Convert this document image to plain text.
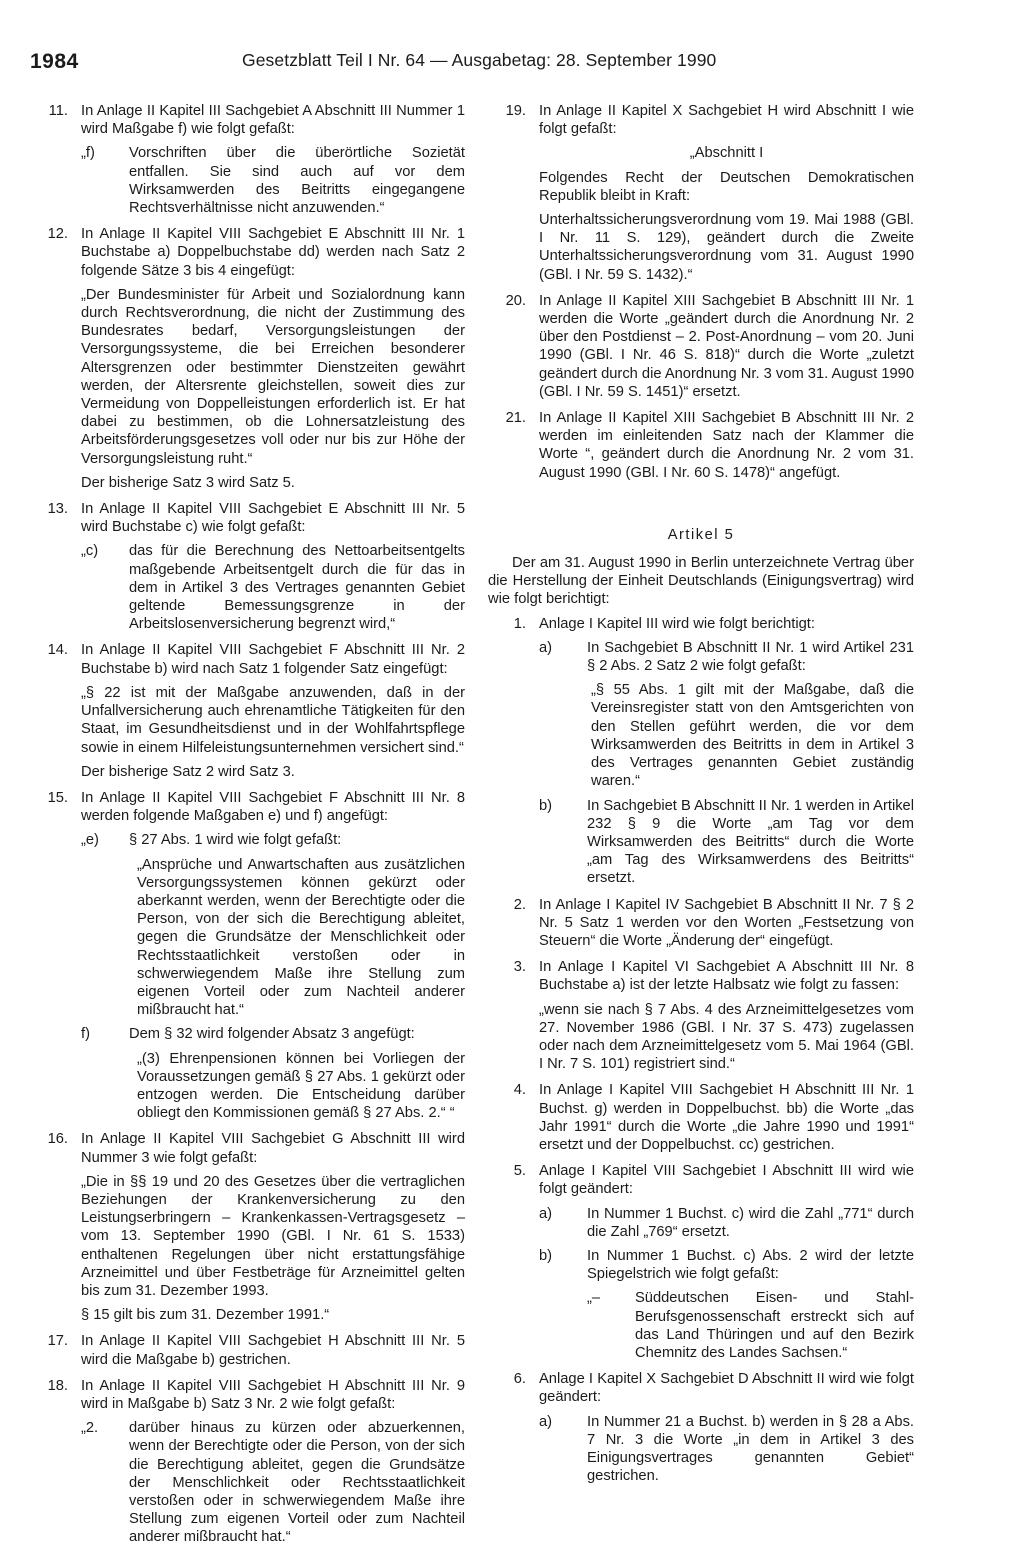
1984	Gesetzblatt Teil I Nr. 64 — Ausgabetag: 28. September 1990
11. In Anlage II Kapitel III Sachgebiet A Abschnitt III Nummer 1 wird Maßgabe f) wie folgt gefaßt:

„f)	Vorschriften über die überörtliche Sozietät entfallen. Sie sind auch auf vor dem Wirksamwerden des Beitritts eingegangene Rechtsverhältnisse nicht anzuwenden.“

12. In Anlage II Kapitel VIII Sachgebiet E Abschnitt III Nr. 1 Buchstabe a) Doppelbuchstabe dd) werden nach Satz 2 folgende Sätze 3 bis 4 eingefügt:

„Der Bundesminister für Arbeit und Sozialordnung kann durch Rechtsverordnung, die nicht der Zustimmung des Bundesrates bedarf, Versorgungsleistungen der Versorgungssysteme, die bei Erreichen besonderer Altersgrenzen oder bestimmter Dienstzeiten gewährt werden, der Altersrente gleichstellen, soweit dies zur Vermeidung von Doppelleistungen erforderlich ist. Er hat dabei zu bestimmen, ob die Lohnersatzleistung des Arbeitsförderungsgesetzes voll oder nur bis zur Höhe der Versorgungsleistung ruht.“

Der bisherige Satz 3 wird Satz 5.

13. In Anlage II Kapitel VIII Sachgebiet E Abschnitt III Nr. 5 wird Buchstabe c) wie folgt gefaßt:

„c)	das für die Berechnung des Nettoarbeitsentgelts maßgebende Arbeitsentgelt durch die für das in dem in Artikel 3 des Vertrages genannten Gebiet geltende Bemessungsgrenze in der Arbeitslosenversicherung begrenzt wird,“

14. In Anlage II Kapitel VIII Sachgebiet F Abschnitt III Nr. 2 Buchstabe b) wird nach Satz 1 folgender Satz eingefügt:

„§ 22 ist mit der Maßgabe anzuwenden, daß in der Unfallversicherung auch ehrenamtliche Tätigkeiten für den Staat, im Gesundheitsdienst und in der Wohlfahrtspflege sowie in einem Hilfeleistungsunternehmen versichert sind.“

Der bisherige Satz 2 wird Satz 3.

15. In Anlage II Kapitel VIII Sachgebiet F Abschnitt III Nr. 8 werden folgende Maßgaben e) und f) angefügt:

„e)	§ 27 Abs. 1 wird wie folgt gefaßt:

„Ansprüche und Anwartschaften aus zusätzlichen Versorgungssystemen können gekürzt oder aberkannt werden, wenn der Berechtigte oder die Person, von der sich die Berechtigung ableitet, gegen die Grundsätze der Menschlichkeit oder Rechtsstaatlichkeit verstoßen oder in schwerwiegendem Maße ihre Stellung zum eigenen Vorteil oder zum Nachteil anderer mißbraucht hat.“

f)	Dem § 32 wird folgender Absatz 3 angefügt:

„(3) Ehrenpensionen können bei Vorliegen der Voraussetzungen gemäß § 27 Abs. 1 gekürzt oder entzogen werden. Die Entscheidung darüber obliegt den Kommissionen gemäß § 27 Abs. 2.“ “

16. In Anlage II Kapitel VIII Sachgebiet G Abschnitt III wird Nummer 3 wie folgt gefaßt:

„Die in §§ 19 und 20 des Gesetzes über die vertraglichen Beziehungen der Krankenversicherung zu den Leistungserbringern – Krankenkassen-Vertragsgesetz – vom 13. September 1990 (GBl. I Nr. 61 S. 1533) enthaltenen Regelungen über nicht erstattungsfähige Arzneimittel und über Festbeträge für Arzneimittel gelten bis zum 31. Dezember 1993.

§ 15 gilt bis zum 31. Dezember 1991.“

17. In Anlage II Kapitel VIII Sachgebiet H Abschnitt III Nr. 5 wird die Maßgabe b) gestrichen.

18. In Anlage II Kapitel VIII Sachgebiet H Abschnitt III Nr. 9 wird in Maßgabe b) Satz 3 Nr. 2 wie folgt gefaßt:

„2.	darüber hinaus zu kürzen oder abzuerkennen, wenn der Berechtigte oder die Person, von der sich die Berechtigung ableitet, gegen die Grundsätze der Menschlichkeit oder Rechtsstaatlichkeit verstoßen oder in schwerwiegendem Maße ihre Stellung zum eigenen Vorteil oder zum Nachteil anderer mißbraucht hat.“

19. In Anlage II Kapitel X Sachgebiet H wird Abschnitt I wie folgt gefaßt:

„Abschnitt I

Folgendes Recht der Deutschen Demokratischen Republik bleibt in Kraft:

Unterhaltssicherungsverordnung vom 19. Mai 1988 (GBl. I Nr. 11 S. 129), geändert durch die Zweite Unterhaltssicherungsverordnung vom 31. August 1990 (GBl. I Nr. 59 S. 1432).“

20. In Anlage II Kapitel XIII Sachgebiet B Abschnitt III Nr. 1 werden die Worte „geändert durch die Anordnung Nr. 2 über den Postdienst – 2. Post-Anordnung – vom 20. Juni 1990 (GBl. I Nr. 46 S. 818)“ durch die Worte „zuletzt geändert durch die Anordnung Nr. 3 vom 31. August 1990 (GBl. I Nr. 59 S. 1451)“ ersetzt.

21. In Anlage II Kapitel XIII Sachgebiet B Abschnitt III Nr. 2 werden im einleitenden Satz nach der Klammer die Worte “, geändert durch die Anordnung Nr. 2 vom 31. August 1990 (GBl. I Nr. 60 S. 1478)“ angefügt.

Artikel 5

Der am 31. August 1990 in Berlin unterzeichnete Vertrag über die Herstellung der Einheit Deutschlands (Einigungsvertrag) wird wie folgt berichtigt:

1. Anlage I Kapitel III wird wie folgt berichtigt:

a)	In Sachgebiet B Abschnitt II Nr. 1 wird Artikel 231 § 2 Abs. 2 Satz 2 wie folgt gefaßt:

„§ 55 Abs. 1 gilt mit der Maßgabe, daß die Vereinsregister statt von den Amtsgerichten von den Stellen geführt werden, die vor dem Wirksamwerden des Beitritts in dem in Artikel 3 des Vertrages genannten Gebiet zuständig waren.“

b)	In Sachgebiet B Abschnitt II Nr. 1 werden in Artikel 232 § 9 die Worte „am Tag vor dem Wirksamwerden des Beitritts“ durch die Worte „am Tag des Wirksamwerdens des Beitritts“ ersetzt.

2. In Anlage I Kapitel IV Sachgebiet B Abschnitt II Nr. 7 § 2 Nr. 5 Satz 1 werden vor den Worten „Festsetzung von Steuern“ die Worte „Änderung der“ eingefügt.

3. In Anlage I Kapitel VI Sachgebiet A Abschnitt III Nr. 8 Buchstabe a) ist der letzte Halbsatz wie folgt zu fassen:

„wenn sie nach § 7 Abs. 4 des Arzneimittelgesetzes vom 27. November 1986 (GBl. I Nr. 37 S. 473) zugelassen oder nach dem Arzneimittelgesetz vom 5. Mai 1964 (GBl. I Nr. 7 S. 101) registriert sind.“

4. In Anlage I Kapitel VIII Sachgebiet H Abschnitt III Nr. 1 Buchst. g) werden in Doppelbuchst. bb) die Worte „das Jahr 1991“ durch die Worte „die Jahre 1990 und 1991“ ersetzt und der Doppelbuchst. cc) gestrichen.

5. Anlage I Kapitel VIII Sachgebiet I Abschnitt III wird wie folgt geändert:

a)	In Nummer 1 Buchst. c) wird die Zahl „771“ durch die Zahl „769“ ersetzt.

b)	In Nummer 1 Buchst. c) Abs. 2 wird der letzte Spiegelstrich wie folgt gefaßt:

„–	Süddeutschen Eisen- und Stahl-Berufsgenossenschaft erstreckt sich auf das Land Thüringen und auf den Bezirk Chemnitz des Landes Sachsen.“

6. Anlage I Kapitel X Sachgebiet D Abschnitt II wird wie folgt geändert:

a)	In Nummer 21 a Buchst. b) werden in § 28 a Abs. 7 Nr. 3 die Worte „in dem in Artikel 3 des Einigungsvertrages genannten Gebiet“ gestrichen.
